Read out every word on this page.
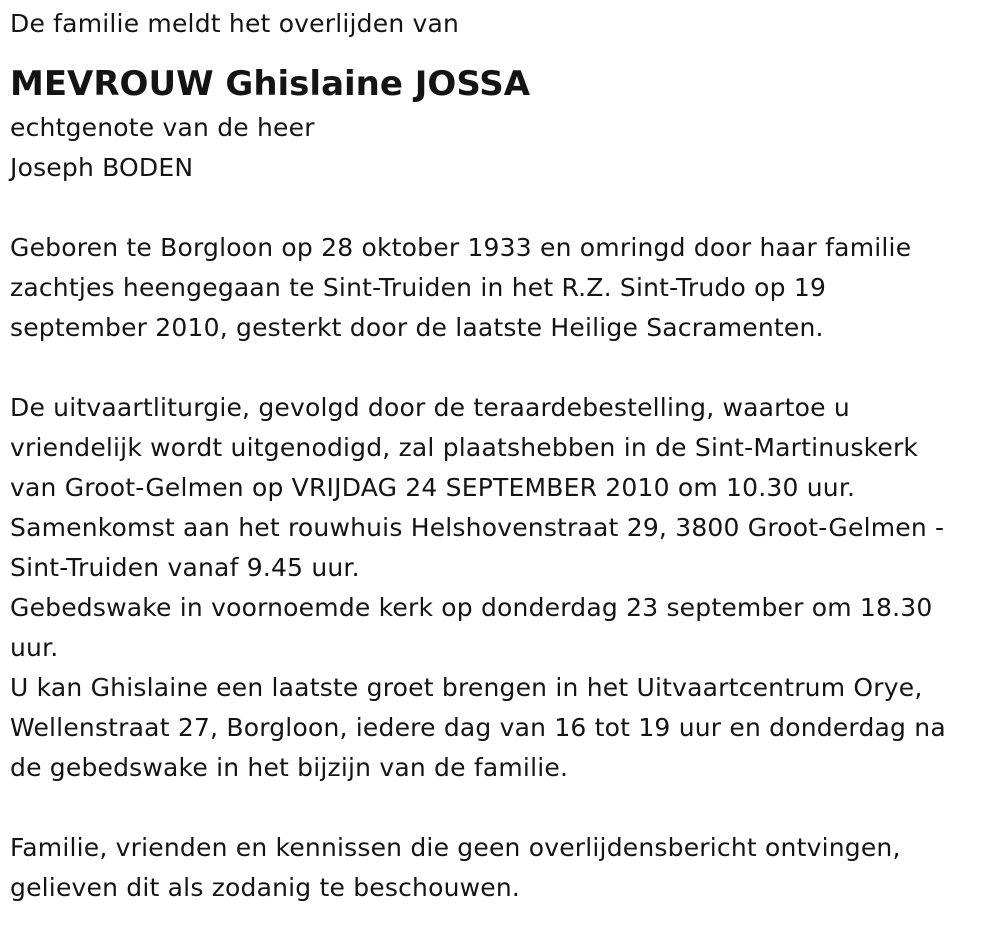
De familie meldt het overlijden van
MEVROUW Ghislaine JOSSA
echtgenote van de heer
Joseph BODEN
Geboren te Borgloon op 28 oktober 1933 en omringd door haar familie
zachtjes heengegaan te Sint-Truiden in het R.Z. Sint-Trudo op 19
september 2010, gesterkt door de laatste Heilige Sacramenten.
De uitvaartliturgie, gevolgd door de teraardebestelling, waartoe u
vriendelijk wordt uitgenodigd, zal plaatshebben in de Sint-Martinuskerk
van Groot-Gelmen op VRIJDAG 24 SEPTEMBER 2010 om 10.30 uur.
Samenkomst aan het rouwhuis Helshovenstraat 29, 3800 Groot-Gelmen -
Sint-Truiden vanaf 9.45 uur.
Gebedswake in voornoemde kerk op donderdag 23 september om 18.30
uur.
U kan Ghislaine een laatste groet brengen in het Uitvaartcentrum Orye,
Wellenstraat 27, Borgloon, iedere dag van 16 tot 19 uur en donderdag na
de gebedswake in het bijzijn van de familie.
Familie, vrienden en kennissen die geen overlijdensbericht ontvingen,
gelieven dit als zodanig te beschouwen.
